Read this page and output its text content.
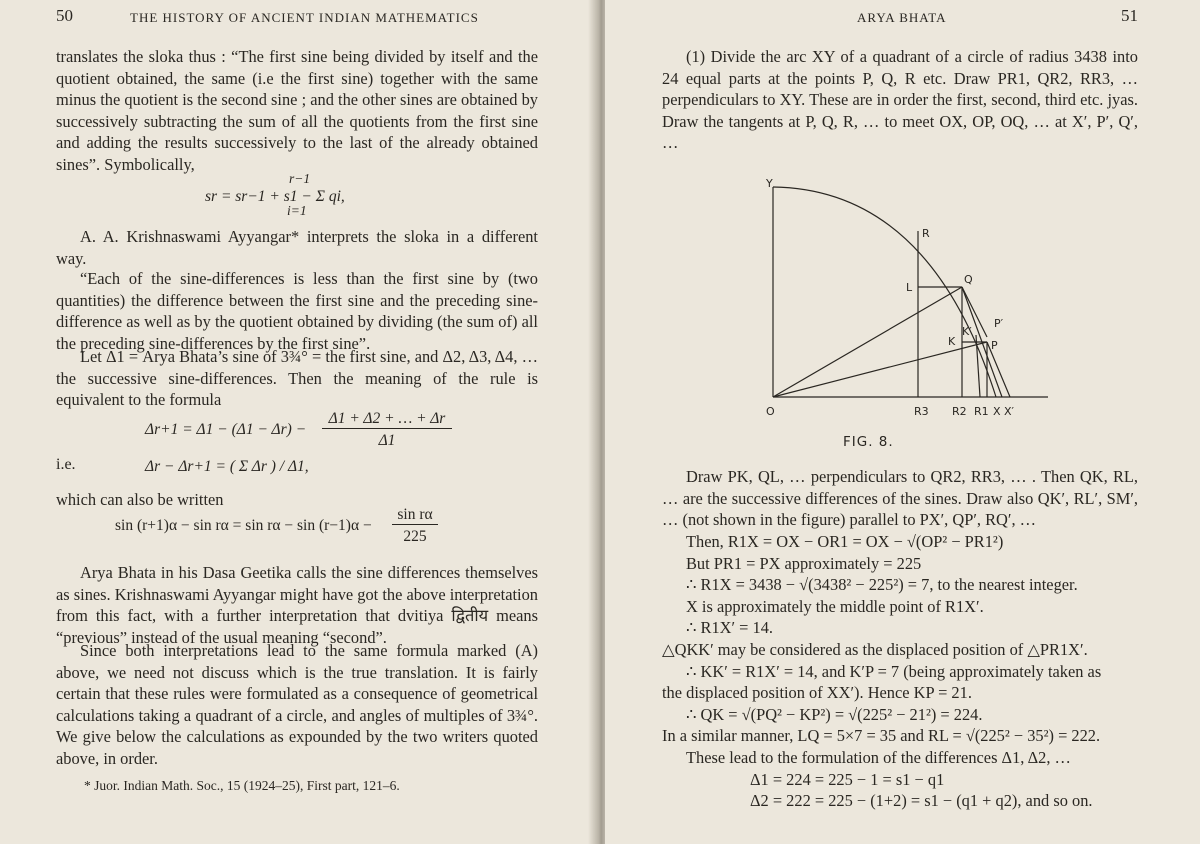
50	THE HISTORY OF ANCIENT INDIAN MATHEMATICS

translates the sloka thus : “The first sine being divided by itself and the quotient obtained, the same (i.e the first sine) together with the same minus the quotient is the second sine ; and the other sines are obtained by successively subtracting the sum of all the quotients from the first sine and adding the results successively to the last of the already obtained sines”. Symbolically,

sr = sr−1 + s1 − Σ qi,
r−1
i=1

A. A. Krishnaswami Ayyangar* interprets the sloka in a different way.

“Each of the sine-differences is less than the first sine by (two quantities) the difference between the first sine and the preceding sine-difference as well as by the quotient obtained by dividing (the sum of) all the preceding sine-differences by the first sine”.

Let Δ1 = Arya Bhata’s sine of 3¾° = the first sine, and Δ2, Δ3, Δ4, … the successive sine-differences. Then the meaning of the rule is equivalent to the formula

Δr+1 = Δ1 − (Δ1 − Δr) −
Δ1 + Δ2 + … + Δr
Δ1
i.e.	Δr − Δr+1 = ( Σ Δr ) / Δ1,

which can also be written

sin (r+1)α − sin rα = sin rα − sin (r−1)α −
sin rα
225

Arya Bhata in his Dasa Geetika calls the sine differences themselves as sines. Krishnaswami Ayyangar might have got the above interpretation from this fact, with a further interpretation that dvitiya द्वितीय means “previous” instead of the usual meaning “second”.

Since both interpretations lead to the same formula marked (A) above, we need not discuss which is the true translation. It is fairly certain that these rules were formulated as a consequence of geometrical calculations taking a quadrant of a circle, and angles of multiples of 3¾°. We give below the calculations as expounded by the two writers quoted above, in order.

* Juor. Indian Math. Soc., 15 (1924–25), First part, 121–6.
ARYA BHATA	51

(1) Divide the arc XY of a quadrant of a circle of radius 3438 into 24 equal parts at the points P, Q, R etc. Draw PR1, QR2, RR3, … perpendiculars to XY. These are in order the first, second, third etc. jyas. Draw the tangents at P, Q, R, … to meet OX, OP, OQ, … at X′, P′, Q′, …

Y
R
L
Q
K
K′
P
P′
O	R3 R2 R1 X X′
FIG. 8.

Draw PK, QL, … perpendiculars to QR2, RR3, … . Then QK, RL, … are the successive differences of the sines. Draw also QK′, RL′, SM′, … (not shown in the figure) parallel to PX′, QP′, RQ′, …

Then, R1X = OX − OR1 = OX − √(OP² − PR1²)
But PR1 = PX approximately = 225
∴ R1X = 3438 − √(3438² − 225²) = 7, to the nearest integer.
X is approximately the middle point of R1X′.
∴ R1X′ = 14.
△QKK′ may be considered as the displaced position of △PR1X′.
∴ KK′ = R1X′ = 14, and K′P = 7 (being approximately taken as
the displaced position of XX′). Hence KP = 21.
∴ QK = √(PQ² − KP²) = √(225² − 21²) = 224.
In a similar manner, LQ = 5×7 = 35 and RL = √(225² − 35²) = 222.
These lead to the formulation of the differences Δ1, Δ2, …
Δ1 = 224 = 225 − 1 = s1 − q1
Δ2 = 222 = 225 − (1+2) = s1 − (q1 + q2), and so on.
